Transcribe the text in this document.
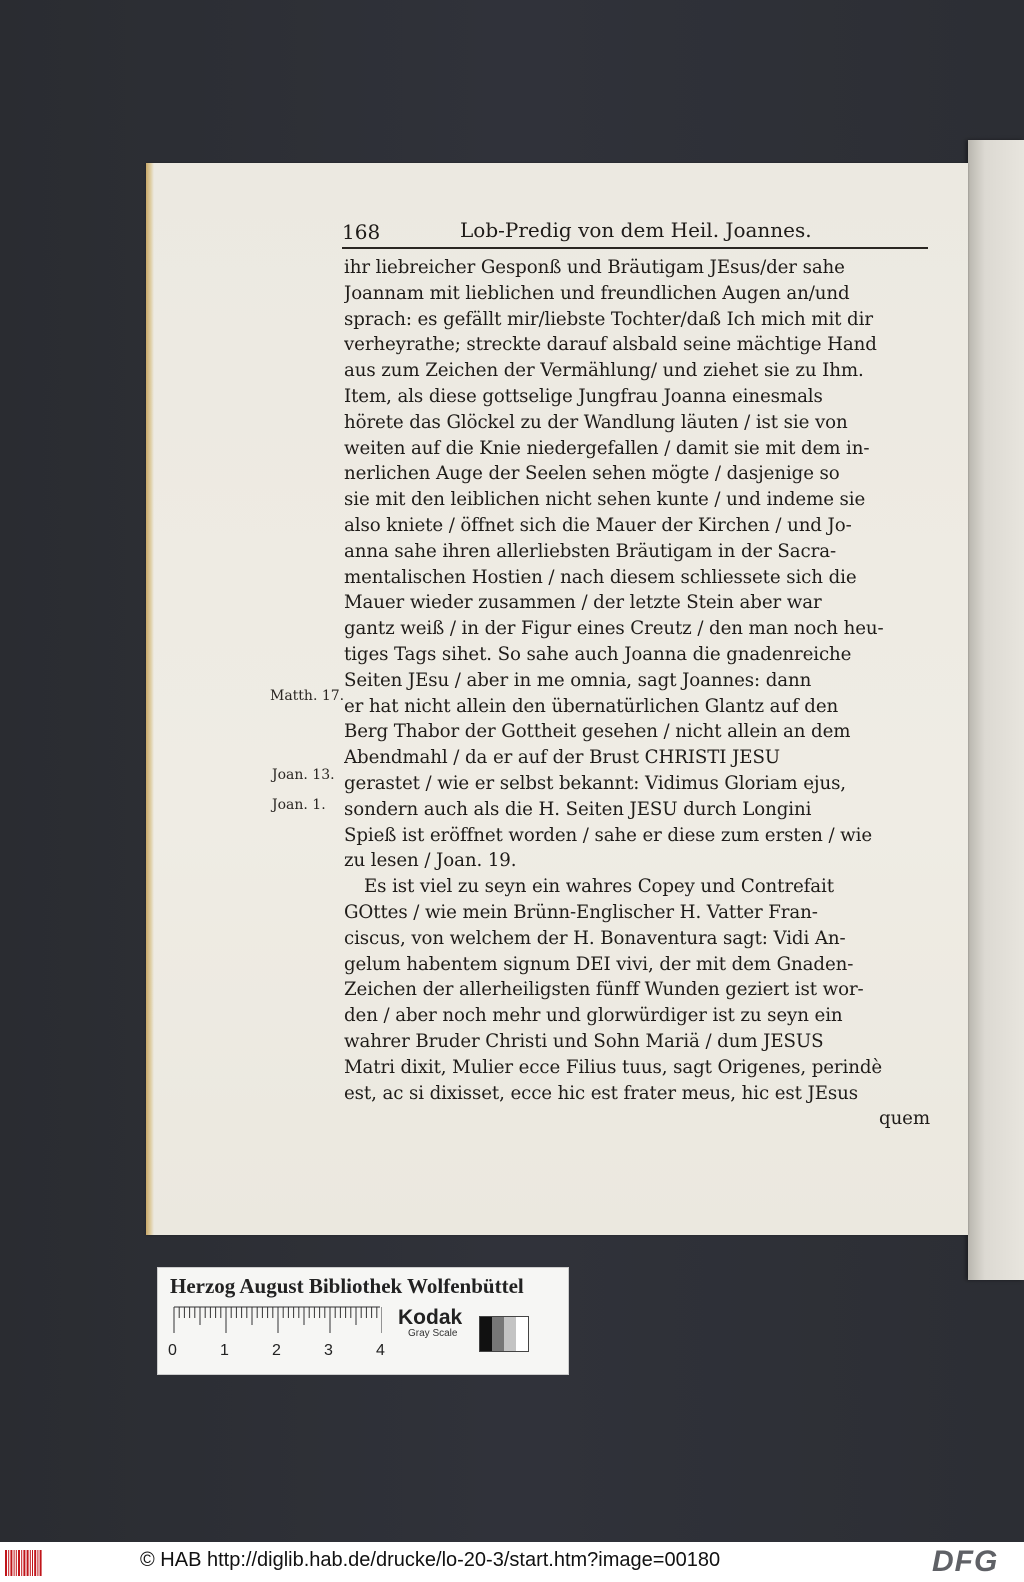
168	Lob-Predig von dem Heil. Joannes.
Matth. 17.
Joan. 13.
Joan. 1.
ihr liebreicher Gesponß und Bräutigam JEsus/der sahe
Joannam mit lieblichen und freundlichen Augen an/und
sprach: es gefällt mir/liebste Tochter/daß Ich mich mit dir
verheyrathe; streckte darauf alsbald seine mächtige Hand
aus zum Zeichen der Vermählung/ und ziehet sie zu Ihm.
Item, als diese gottselige Jungfrau Joanna einesmals
hörete das Glöckel zu der Wandlung läuten / ist sie von
weiten auf die Knie niedergefallen / damit sie mit dem in-
nerlichen Auge der Seelen sehen mögte / dasjenige so
sie mit den leiblichen nicht sehen kunte / und indeme sie
also kniete / öffnet sich die Mauer der Kirchen / und Jo-
anna sahe ihren allerliebsten Bräutigam in der Sacra-
mentalischen Hostien / nach diesem schliessete sich die
Mauer wieder zusammen / der letzte Stein aber war
gantz weiß / in der Figur eines Creutz / den man noch heu-
tiges Tags sihet. So sahe auch Joanna die gnadenreiche
Seiten JEsu / aber in me omnia, sagt Joannes: dann
er hat nicht allein den übernatürlichen Glantz auf den
Berg Thabor der Gottheit gesehen / nicht allein an dem
Abendmahl / da er auf der Brust CHRISTI JESU
gerastet / wie er selbst bekannt: Vidimus Gloriam ejus,
sondern auch als die H. Seiten JESU durch Longini
Spieß ist eröffnet worden / sahe er diese zum ersten / wie
zu lesen / Joan. 19.
Es ist viel zu seyn ein wahres Copey und Contrefait
GOttes / wie mein Brünn-Englischer H. Vatter Fran-
ciscus, von welchem der H. Bonaventura sagt: Vidi An-
gelum habentem signum DEI vivi, der mit dem Gnaden-
Zeichen der allerheiligsten fünff Wunden geziert ist wor-
den / aber noch mehr und glorwürdiger ist zu seyn ein
wahrer Bruder Christi und Sohn Mariä / dum JESUS
Matri dixit, Mulier ecce Filius tuus, sagt Origenes, perindè
est, ac si dixisset, ecce hic est frater meus, hic est JEsus
quem
Herzog August Bibliothek Wolfenbüttel
0	1	2	3	4
Kodak
Gray Scale
© HAB http://diglib.hab.de/drucke/lo-20-3/start.htm?image=00180	DFG
